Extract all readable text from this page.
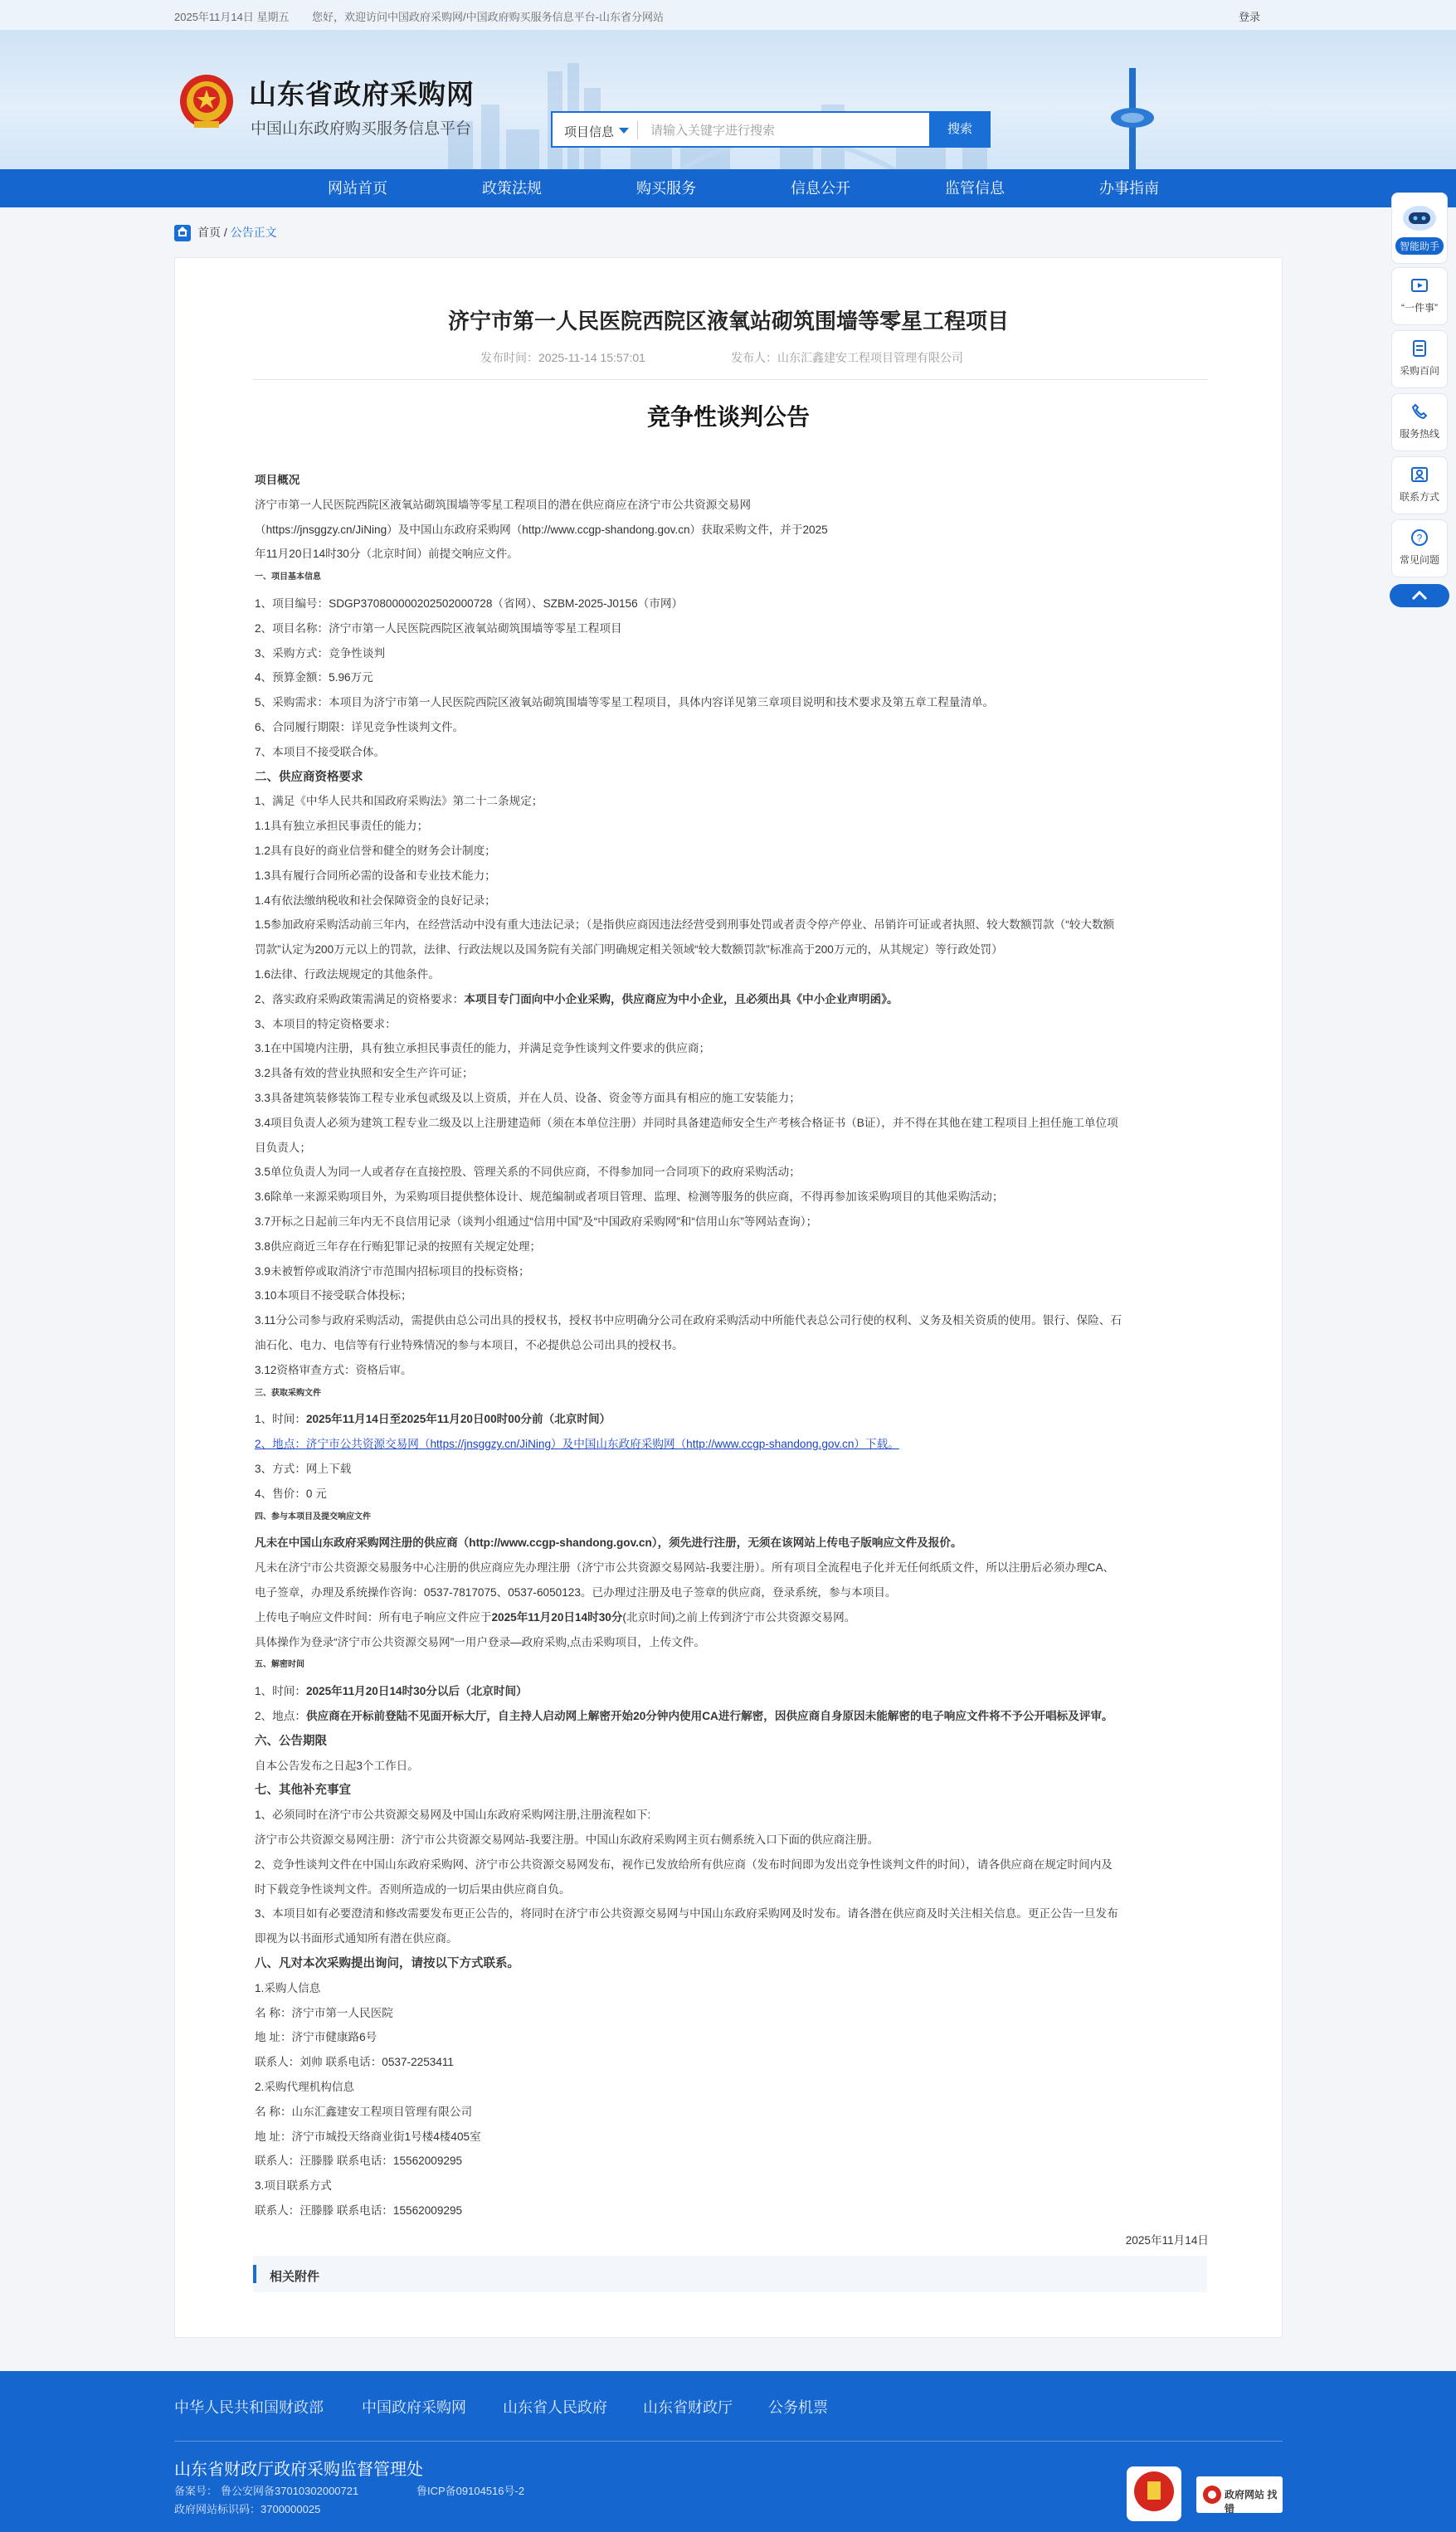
2025年11月14日 星期五 您好，欢迎访问中国政府采购网/中国政府购买服务信息平台-山东省分网站	登录
山东省政府采购网
中国山东政府购买服务信息平台	项目信息
请输入关键字进行搜索	搜索
网站首页	政策法规	购买服务	信息公开	监管信息	办事指南
首页 / 公告正文
济宁市第一人民医院西院区液氧站砌筑围墙等零星工程项目
发布时间：2025-11-14 15:57:01	发布人：山东汇鑫建安工程项目管理有限公司
竞争性谈判公告
项目概况
济宁市第一人民医院西院区液氧站砌筑围墙等零星工程项目的潜在供应商应在济宁市公共资源交易网
（https://jnsggzy.cn/JiNing）及中国山东政府采购网（http://www.ccgp-shandong.gov.cn）获取采购文件，并于2025
年11月20日14时30分（北京时间）前提交响应文件。
一、项目基本信息
1、项目编号：SDGP370800000202502000728（省网）、SZBM-2025-J0156（市网）
2、项目名称：济宁市第一人民医院西院区液氧站砌筑围墙等零星工程项目
3、采购方式：竞争性谈判
4、预算金额：5.96万元
5、采购需求：本项目为济宁市第一人民医院西院区液氧站砌筑围墙等零星工程项目，具体内容详见第三章项目说明和技术要求及第五章工程量清单。
6、合同履行期限：详见竞争性谈判文件。
7、本项目不接受联合体。
二、供应商资格要求
1、满足《中华人民共和国政府采购法》第二十二条规定；
1.1具有独立承担民事责任的能力；
1.2具有良好的商业信誉和健全的财务会计制度；
1.3具有履行合同所必需的设备和专业技术能力；
1.4有依法缴纳税收和社会保障资金的良好记录；
1.5参加政府采购活动前三年内，在经营活动中没有重大违法记录；（是指供应商因违法经营受到刑事处罚或者责令停产停业、吊销许可证或者执照、较大数额罚款（“较大数额
罚款”认定为200万元以上的罚款，法律、行政法规以及国务院有关部门明确规定相关领域“较大数额罚款”标准高于200万元的，从其规定）等行政处罚）
1.6法律、行政法规规定的其他条件。
2、落实政府采购政策需满足的资格要求：本项目专门面向中小企业采购，供应商应为中小企业，且必须出具《中小企业声明函》。
3、本项目的特定资格要求：
3.1在中国境内注册，具有独立承担民事责任的能力，并满足竞争性谈判文件要求的供应商；
3.2具备有效的营业执照和安全生产许可证；
3.3具备建筑装修装饰工程专业承包贰级及以上资质，并在人员、设备、资金等方面具有相应的施工安装能力；
3.4项目负责人必须为建筑工程专业二级及以上注册建造师（须在本单位注册）并同时具备建造师安全生产考核合格证书（B证），并不得在其他在建工程项目上担任施工单位项
目负责人；
3.5单位负责人为同一人或者存在直接控股、管理关系的不同供应商，不得参加同一合同项下的政府采购活动；
3.6除单一来源采购项目外，为采购项目提供整体设计、规范编制或者项目管理、监理、检测等服务的供应商，不得再参加该采购项目的其他采购活动；
3.7开标之日起前三年内无不良信用记录（谈判小组通过“信用中国”及“中国政府采购网”和“信用山东”等网站查询）；
3.8供应商近三年存在行贿犯罪记录的按照有关规定处理；
3.9未被暂停或取消济宁市范围内招标项目的投标资格；
3.10本项目不接受联合体投标；
3.11分公司参与政府采购活动，需提供由总公司出具的授权书，授权书中应明确分公司在政府采购活动中所能代表总公司行使的权利、义务及相关资质的使用。银行、保险、石
油石化、电力、电信等有行业特殊情况的参与本项目，不必提供总公司出具的授权书。
3.12资格审查方式：资格后审。
三、获取采购文件
1、时间：2025年11月14日至2025年11月20日00时00分前（北京时间）
2、地点：济宁市公共资源交易网（https://jnsggzy.cn/JiNing）及中国山东政府采购网（http://www.ccgp-shandong.gov.cn）下载。
3、方式：网上下载
4、售价：0 元
四、参与本项目及提交响应文件
凡未在中国山东政府采购网注册的供应商（http://www.ccgp-shandong.gov.cn），须先进行注册，无须在该网站上传电子版响应文件及报价。
凡未在济宁市公共资源交易服务中心注册的供应商应先办理注册（济宁市公共资源交易网站-我要注册）。所有项目全流程电子化并无任何纸质文件，所以注册后必须办理CA、
电子签章，办理及系统操作咨询：0537-7817075、0537-6050123。已办理过注册及电子签章的供应商，登录系统，参与本项目。
上传电子响应文件时间：所有电子响应文件应于2025年11月20日14时30分(北京时间)之前上传到济宁市公共资源交易网。
具体操作为登录“济宁市公共资源交易网”一用户登录—政府采购,点击采购项目，上传文件。
五、解密时间
1、时间：2025年11月20日14时30分以后（北京时间）
2、地点：供应商在开标前登陆不见面开标大厅，自主持人启动网上解密开始20分钟内使用CA进行解密，因供应商自身原因未能解密的电子响应文件将不予公开唱标及评审。
六、公告期限
自本公告发布之日起3个工作日。
七、其他补充事宜
1、必须同时在济宁市公共资源交易网及中国山东政府采购网注册,注册流程如下:
济宁市公共资源交易网注册：济宁市公共资源交易网站-我要注册。中国山东政府采购网主页右侧系统入口下面的供应商注册。
2、竞争性谈判文件在中国山东政府采购网、济宁市公共资源交易网发布，视作已发放给所有供应商（发布时间即为发出竞争性谈判文件的时间），请各供应商在规定时间内及
时下载竞争性谈判文件。否则所造成的一切后果由供应商自负。
3、本项目如有必要澄清和修改需要发布更正公告的，将同时在济宁市公共资源交易网与中国山东政府采购网及时发布。请各潜在供应商及时关注相关信息。更正公告一旦发布
即视为以书面形式通知所有潜在供应商。
八、凡对本次采购提出询问，请按以下方式联系。
1.采购人信息
名 称：济宁市第一人民医院
地 址：济宁市健康路6号
联系人：刘帅 联系电话：0537-2253411
2.采购代理机构信息
名 称：山东汇鑫建安工程项目管理有限公司
地 址：济宁市城投天络商业街1号楼4楼405室
联系人：汪滕滕 联系电话：15562009295
3.项目联系方式
联系人：汪滕滕 联系电话：15562009295
2025年11月14日
相关附件
智能助手
“一件事”
采购百问
服务热线
联系方式
?
常见问题
中华人民共和国财政部	中国政府采购网 山东省人民政府 山东省财政厅 公务机票
山东省财政厅政府采购监督管理处
备案号： 鲁公安网备37010302000721	鲁ICP备09104516号-2
政府网站标识码：3700000025
政府网站 找错
